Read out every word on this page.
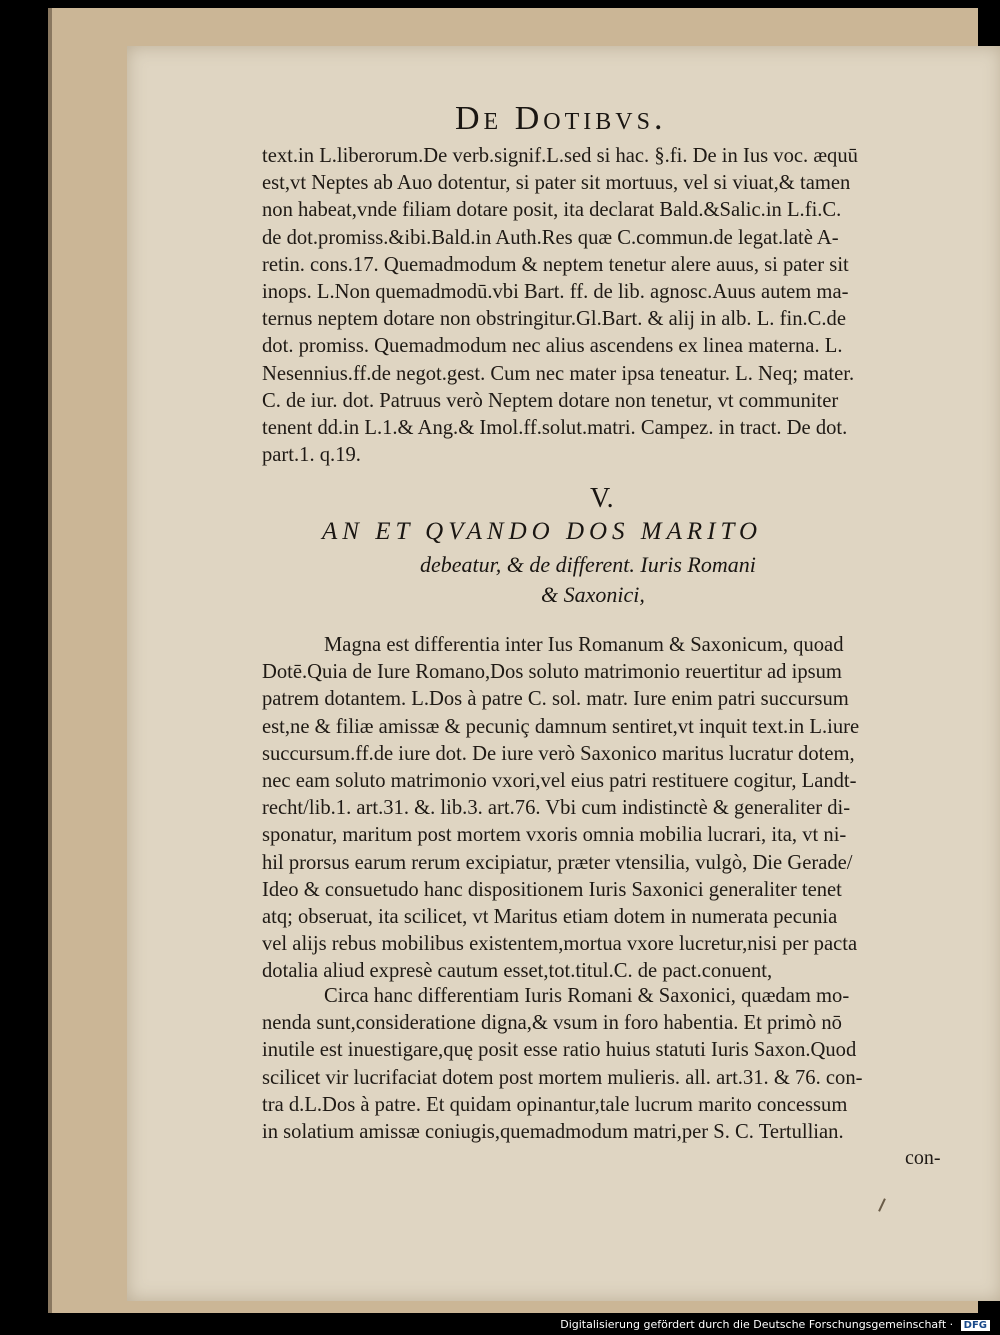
De Dotibvs.
text.in L.liberorum.De verb.signif.L.sed si hac. §.fi. De in Ius voc. æquū
est,vt Neptes ab Auo dotentur, si pater sit mortuus, vel si viuat,& tamen
non habeat,vnde filiam dotare posit, ita declarat Bald.&Salic.in L.fi.C.
de dot.promiss.&ibi.Bald.in Auth.Res quæ C.commun.de legat.latè A-
retin. cons.17. Quemadmodum & neptem tenetur alere auus, si pater sit
inops. L.Non quemadmodū.vbi Bart. ff. de lib. agnosc.Auus autem ma-
ternus neptem dotare non obstringitur.Gl.Bart. & alij in alb. L. fin.C.de
dot. promiss. Quemadmodum nec alius ascendens ex linea materna. L.
Nesennius.ff.de negot.gest. Cum nec mater ipsa teneatur. L. Neq; mater.
C. de iur. dot. Patruus verò Neptem dotare non tenetur, vt communiter
tenent dd.in L.1.& Ang.& Imol.ff.solut.matri. Campez. in tract. De dot.
part.1. q.19.
V.
AN ET QVANDO DOS MARITO
debeatur, & de different. Iuris Romani
& Saxonici,
Magna est differentia inter Ius Romanum & Saxonicum, quoad
Dotē.Quia de Iure Romano,Dos soluto matrimonio reuertitur ad ipsum
patrem dotantem. L.Dos à patre C. sol. matr. Iure enim patri succursum
est,ne & filiæ amissæ & pecuniç damnum sentiret,vt inquit text.in L.iure
succursum.ff.de iure dot. De iure verò Saxonico maritus lucratur dotem,
nec eam soluto matrimonio vxori,vel eius patri restituere cogitur, Landt-
recht/lib.1. art.31. &. lib.3. art.76. Vbi cum indistinctè & generaliter di-
sponatur, maritum post mortem vxoris omnia mobilia lucrari, ita, vt ni-
hil prorsus earum rerum excipiatur, præter vtensilia, vulgò, Die Gerade/
Ideo & consuetudo hanc dispositionem Iuris Saxonici generaliter tenet
atq; obseruat, ita scilicet, vt Maritus etiam dotem in numerata pecunia
vel alijs rebus mobilibus existentem,mortua vxore lucretur,nisi per pacta
dotalia aliud expresè cautum esset,tot.titul.C. de pact.conuent,
Circa hanc differentiam Iuris Romani & Saxonici, quædam mo-
nenda sunt,consideratione digna,& vsum in foro habentia. Et primò nō
inutile est inuestigare,quę posit esse ratio huius statuti Iuris Saxon.Quod
scilicet vir lucrifaciat dotem post mortem mulieris. all. art.31. & 76. con-
tra d.L.Dos à patre. Et quidam opinantur,tale lucrum marito concessum
in solatium amissæ coniugis,quemadmodum matri,per S. C. Tertullian.
con-
Digitalisierung gefördert durch die Deutsche Forschungsgemeinschaft · DFG
